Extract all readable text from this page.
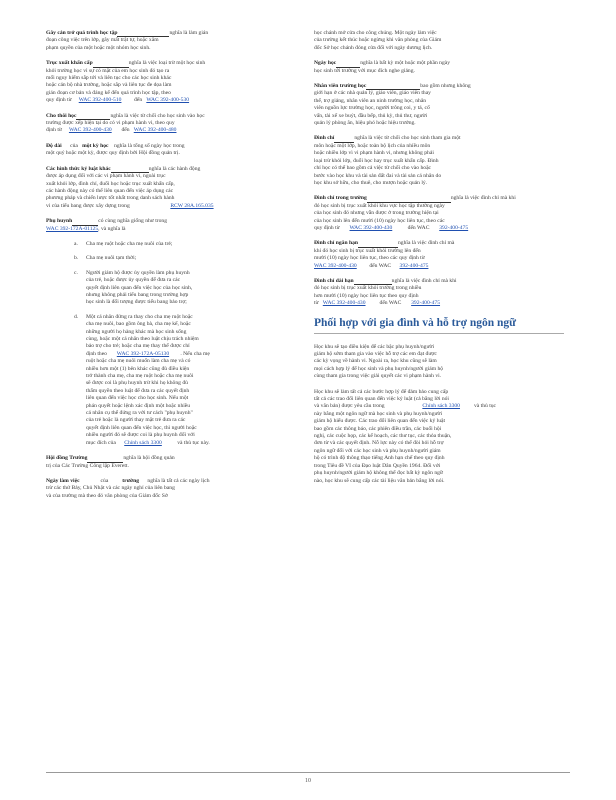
Gây cản trở quá trình học tập	nghĩa là làm gián
đoạn công việc trên lớp, gây mất trật tự, hoặc xâm
phạm quyền của một hoặc một nhóm học sinh.
Trục xuất khẩn cấp	nghĩa là việc loại trừ một học sinh
khỏi trường học vì sự có mặt của em học sinh đó tạo ra
mối nguy hiểm sắp tới và liên tục cho các học sinh khác
hoặc cán bộ nhà trường, hoặc sắp và liên tục đe dọa làm
gián đoạn cơ bản và đáng kể đến quá trình học tập, theo
quy định từ WAC 392-400-510 đến WAC 392-400-530
Cho thôi học	nghĩa là việc từ chối cho học sinh vào học
trường được xếp hiện tại do có vi phạm hành vi, theo quy
định từ WAC 392-400-430 đến WAC 392-400-480
Độ dài của một kỳ học nghĩa là tổng số ngày học trong
một quý hoặc một kỳ, được quy định bởi Hội đồng quản trị.
Các hình thức kỷ luật khác	nghĩa là các hành động
được áp dụng đối với các vi phạm hành vi, ngoài trục
xuất khỏi lớp, đình chỉ, đuổi học hoặc trục xuất khẩn cấp,
các hành động này có thể liên quan đến việc áp dụng các
phương pháp và chiến lược tốt nhất trong danh sách hành
vi của tiểu bang được xây dựng trong	RCW 28A.165.035
Phụ huynh	có cùng nghĩa giống như trong
WAC 392-172A-01125, và nghĩa là
a. Cha mẹ ruột hoặc cha mẹ nuôi của trẻ;
b. Cha mẹ nuôi tạm thời;
c. Người giám hộ được ủy quyền làm phụ huynh
của trẻ, hoặc được ủy quyền để đưa ra các
quyết định liên quan đến việc học của học sinh,
nhưng không phải tiểu bang trong trường hợp
học sinh là đối tượng được tiểu bang bảo trợ;
d. Một cá nhân đứng ra thay cho cha mẹ ruột hoặc
cha mẹ nuôi, bao gồm ông bà, cha mẹ kế, hoặc
những người họ hàng khác mà học sinh sống
cùng, hoặc một cá nhân theo luật chịu trách nhiệm
bảo trợ cho trẻ; hoặc cha mẹ thay thế được chỉ
định theo WAC 392-172A-05130 . Nếu cha mẹ
ruột hoặc cha mẹ nuôi muốn làm cha mẹ và có
nhiều hơn một (1) bên khác cũng đủ điều kiện
trở thành cha mẹ, cha mẹ ruột hoặc cha mẹ nuôi
sẽ được coi là phụ huynh trừ khi họ không đủ
thẩm quyền theo luật để đưa ra các quyết định
liên quan đến việc học cho học sinh. Nếu một
phán quyết hoặc lệnh xác định một hoặc nhiều
cá nhân cụ thể đứng ra với tư cách "phụ huynh"
của trẻ hoặc là người thay mặt trẻ đưa ra các
quyết định liên quan đến việc học, thì người hoặc
nhiều người đó sẽ được coi là phụ huynh đối với
mục đích của Chính sách 3300	và thủ tục này.
Hội đồng Trường	nghĩa là hội đồng quản
trị của Các Trường Công lập Everett.
Ngày làm việc	của trường nghĩa là tất cả các ngày lịch
trừ các thứ Bảy, Chủ Nhật và các ngày nghỉ của liên bang
và của trường mà theo đó văn phòng của Giám đốc Sở
học chánh mở cửa cho công chúng. Một ngày làm việc
của trường kết thúc hoặc ngừng khi văn phòng của Giám
đốc Sở học chánh đóng cửa đối với ngày dương lịch.
Ngày học	nghĩa là bất kỳ một hoặc một phần ngày
học sinh tới trường với mục đích nghe giảng.
Nhân viên trường học	bao gồm nhưng không
giới hạn ở các nhà quản lý, giáo viên, giáo viên thay
thế, trợ giảng, nhân viên an ninh trường học, nhân
viên nguồn lực trường học, người trông coi, y tá, cố
vấn, tài xế xe buýt, đầu bếp, thủ kỳ, thủ thư, người
quản lý phòng ăn, hiệu phó hoặc hiệu trưởng.
Đình chỉ	nghĩa là việc từ chối cho học sinh tham gia một
môn hoặc một lớp, hoặc toàn bộ lịch của nhiều môn
hoặc nhiều lớp vì vi phạm hành vi, nhưng không phải
loại trừ khỏi lớp, đuổi học hay trục xuất khẩn cấp. Đình
chỉ học có thể bao gồm cả việc từ chối cho vào hoặc
bước vào học khu và tài sản đất đai và tài sản cá nhân do
học khu sở hữu, cho thuê, cho mượn hoặc quản lý.
Đình chỉ trong trường	nghĩa là việc đình chỉ mà khi
đó học sinh bị trục xuất khỏi khu vực học tập thường ngày
của học sinh đó nhưng vẫn được ở trong trường hiện tại
của học sinh lên đến mười (10) ngày học liên tục, theo các
quy định từ WAC 392-400-430	đến WAC 392-400-475
Đình chỉ ngắn hạn	nghĩa là việc đình chỉ mà
khi đó học sinh bị trục xuất khỏi trường lên đến
mười (10) ngày học liên tục, theo các quy định từ
WAC 392-400-430 đến WAC 392-400-475
Đình chỉ dài hạn	nghĩa là việc đình chỉ mà khi
đó học sinh bị trục xuất khỏi trường trong nhiều
hơn mười (10) ngày học liên tục theo quy định
từ WAC 392-400-430 đến WAC 392-400-475
Phối hợp với gia đình và hỗ trợ ngôn ngữ
Học khu sẽ tạo điều kiện để các bậc phụ huynh/người
giám hộ sớm tham gia vào việc hỗ trợ các em đạt được
các kỳ vọng về hành vi. Ngoài ra, học khu cũng sẽ làm
mọi cách hợp lý để học sinh và phụ huynh/người giám hộ
cùng tham gia trong việc giải quyết các vi phạm hành vi.
Học khu sẽ làm tất cả các bước hợp lý để đảm bảo cung cấp
tất cả các trao đổi liên quan đến việc kỷ luật (cả bằng lời nói
và văn bản) được yêu cầu trong	Chính sách 3300 và thủ tục
này bằng một ngôn ngữ mà học sinh và phụ huynh/người
giám hộ hiểu được. Các trao đổi liên quan đến việc kỷ luật
bao gồm các thông báo, các phiên điều trần, các buổi hội
nghị, các cuộc họp, các kế hoạch, các thư tục, các thỏa thuận,
đơn từ và các quyết định. Nỗ lực này có thể đòi hỏi hỗ trợ
ngôn ngữ đối với các học sinh và phụ huynh/người giám
hộ có trình độ thông thạo tiếng Anh hạn chế theo quy định
trong Tiêu đề VI của Đạo luật Dân Quyền 1964. Đối với
phụ huynh/người giám hộ không thể đọc bất kỳ ngôn ngữ
nào, học khu sẽ cung cấp các tài liệu văn bản bằng lời nói.
10
